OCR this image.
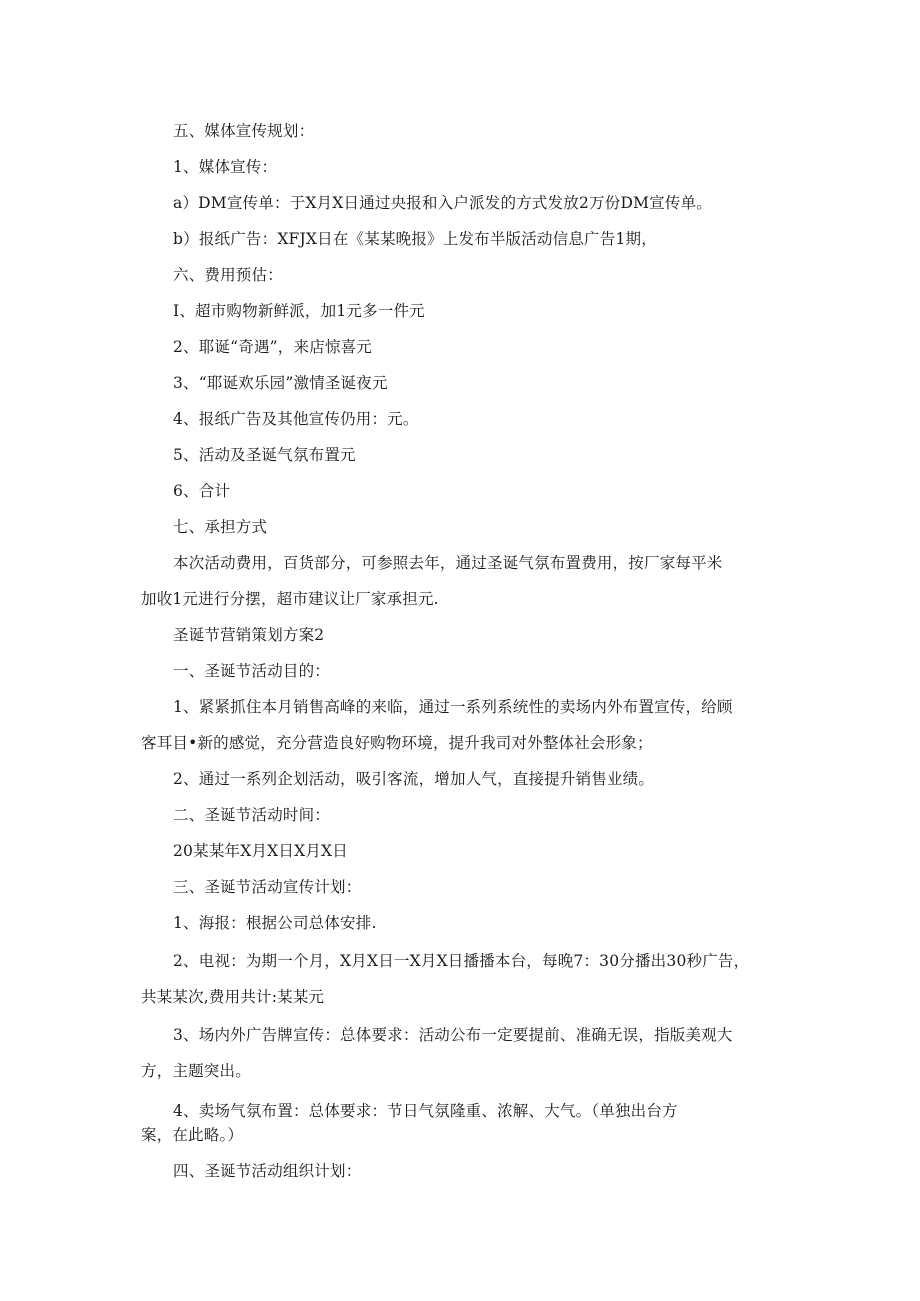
五、媒体宣传规划：
1、媒体宣传：
a）DM宣传单：于X月X日通过央报和入户派发的方式发放2万份DM宣传单。
b）报纸广告：XFJX日在《某某晚报》上发布半版活动信息广告1期，
六、费用预估：
I、超市购物新鲜派，加1元多一件元
2、耶诞“奇遇”，来店惊喜元
3、“耶诞欢乐园”激情圣诞夜元
4、报纸广告及其他宣传仍用：元。
5、活动及圣诞气氛布置元
6、合计
七、承担方式
本次活动费用，百货部分，可参照去年，通过圣诞气氛布置费用，按厂家每平米
加收1元进行分摆，超市建议让厂家承担元.
圣诞节营销策划方案2
一、圣诞节活动目的：
1、紧紧抓住本月销售高峰的来临，通过一系列系统性的卖场内外布置宣传，给顾
客耳目•新的感觉，充分营造良好购物环境，提升我司对外整体社会形象；
2、通过一系列企划活动，吸引客流，增加人气，直接提升销售业绩。
二、圣诞节活动时间：
20某某年X月X日X月X日
三、圣诞节活动宣传计划：
1、海报：根据公司总体安排.
2、电视：为期一个月，X月X日一X月X日播播本台，每晚7：30分播出30秒广告，
共某某次,费用共计:某某元
3、场内外广告牌宣传：总体要求：活动公布一定要提前、准确无误，指版美观大
方，主题突出。
4、卖场气氛布置：总体要求：节日气氛隆重、浓解、大气。（单独出台方
案，在此略。）
四、圣诞节活动组织计划：
